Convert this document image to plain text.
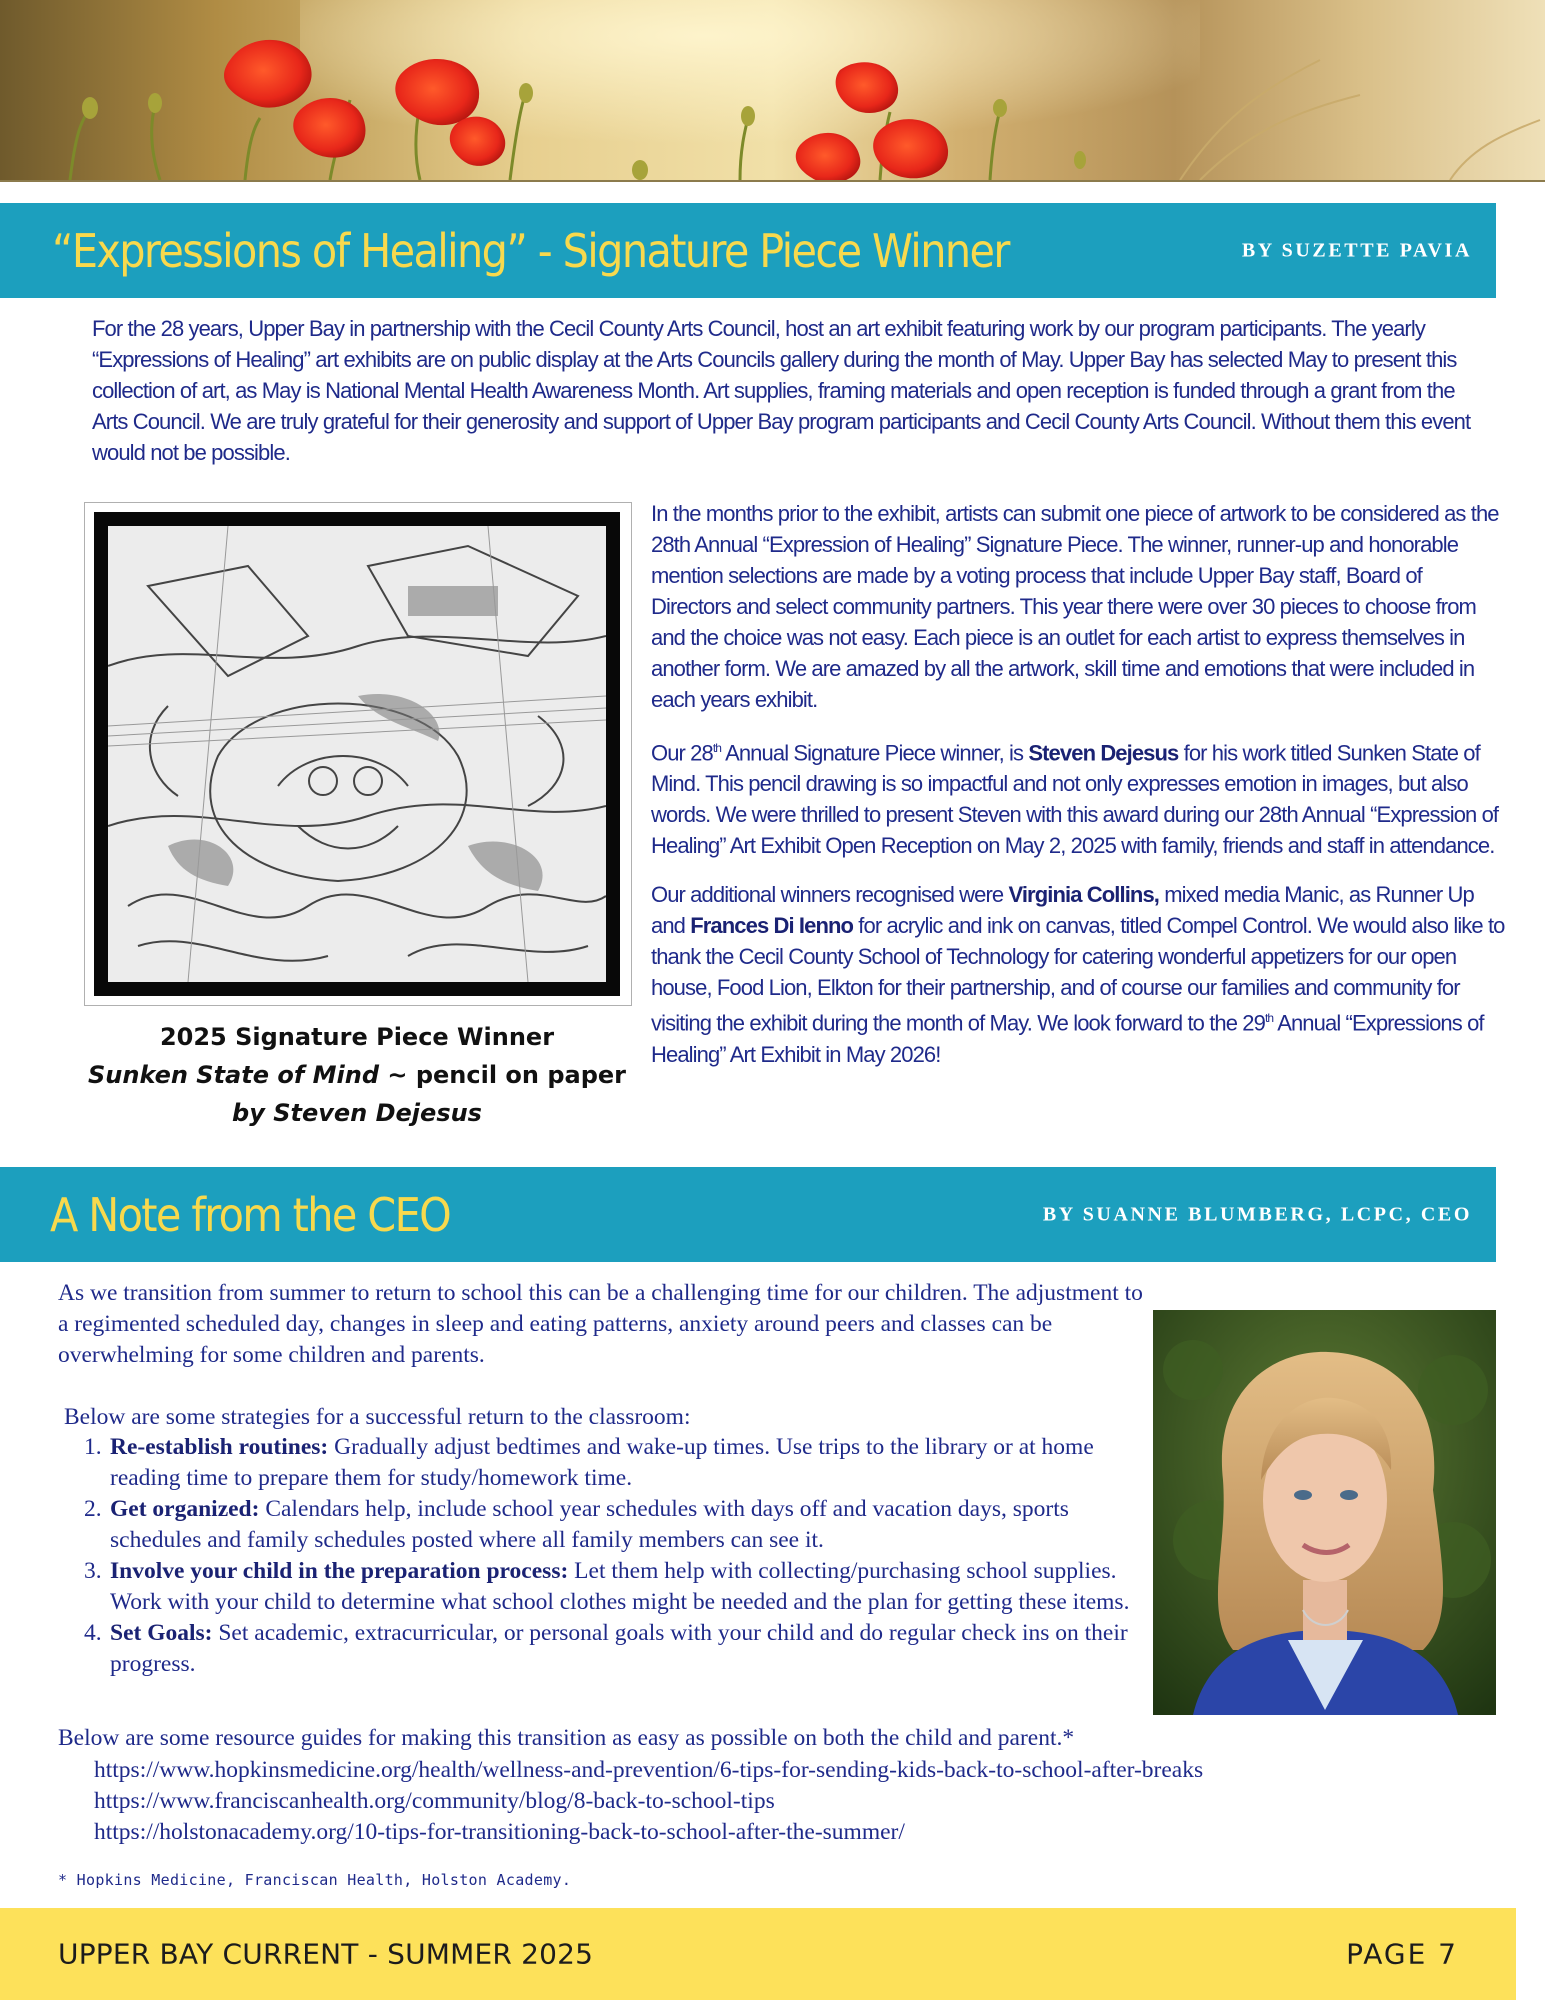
“Expressions of Healing” - Signature Piece Winner	BY SUZETTE PAVIA

For the 28 years, Upper Bay in partnership with the Cecil County Arts Council, host an art exhibit featuring work by our program participants. The yearly “Expressions of Healing” art exhibits are on public display at the Arts Councils gallery during the month of May. Upper Bay has selected May to present this collection of art, as May is National Mental Health Awareness Month. Art supplies, framing materials and open reception is funded through a grant from the Arts Council. We are truly grateful for their generosity and support of Upper Bay program participants and Cecil County Arts Council. Without them this event would not be possible.

2025 Signature Piece Winner
Sunken State of Mind ~ pencil on paper
by Steven Dejesus

In the months prior to the exhibit, artists can submit one piece of artwork to be considered as the 28th Annual “Expression of Healing” Signature Piece. The winner, runner-up and honorable mention selections are made by a voting process that include Upper Bay staff, Board of Directors and select community partners. This year there were over 30 pieces to choose from and the choice was not easy. Each piece is an outlet for each artist to express themselves in another form. We are amazed by all the artwork, skill time and emotions that were included in each years exhibit.

Our 28th Annual Signature Piece winner, is Steven Dejesus for his work titled Sunken State of Mind. This pencil drawing is so impactful and not only expresses emotion in images, but also words. We were thrilled to present Steven with this award during our 28th Annual “Expression of Healing” Art Exhibit Open Reception on May 2, 2025 with family, friends and staff in attendance.

Our additional winners recognised were Virginia Collins, mixed media Manic, as Runner Up and Frances Di Ienno for acrylic and ink on canvas, titled Compel Control. We would also like to thank the Cecil County School of Technology for catering wonderful appetizers for our open house, Food Lion, Elkton for their partnership, and of course our families and community for visiting the exhibit during the month of May. We look forward to the 29th Annual “Expressions of Healing” Art Exhibit in May 2026!

A Note from the CEO	BY SUANNE BLUMBERG, LCPC, CEO

As we transition from summer to return to school this can be a challenging time for our children. The adjustment to a regimented scheduled day, changes in sleep and eating patterns, anxiety around peers and classes can be overwhelming for some children and parents.

Below are some strategies for a successful return to the classroom:

1. Re-establish routines: Gradually adjust bedtimes and wake-up times. Use trips to the library or at home reading time to prepare them for study/homework time.
2. Get organized: Calendars help, include school year schedules with days off and vacation days, sports schedules and family schedules posted where all family members can see it.
3. Involve your child in the preparation process: Let them help with collecting/purchasing school supplies. Work with your child to determine what school clothes might be needed and the plan for getting these items.
4. Set Goals: Set academic, extracurricular, or personal goals with your child and do regular check ins on their progress.

Below are some resource guides for making this transition as easy as possible on both the child and parent.*

https://www.hopkinsmedicine.org/health/wellness-and-prevention/6-tips-for-sending-kids-back-to-school-after-breaks
https://www.franciscanhealth.org/community/blog/8-back-to-school-tips
https://holstonacademy.org/10-tips-for-transitioning-back-to-school-after-the-summer/
* Hopkins Medicine, Franciscan Health, Holston Academy.
UPPER BAY CURRENT - SUMMER 2025	PAGE 7
